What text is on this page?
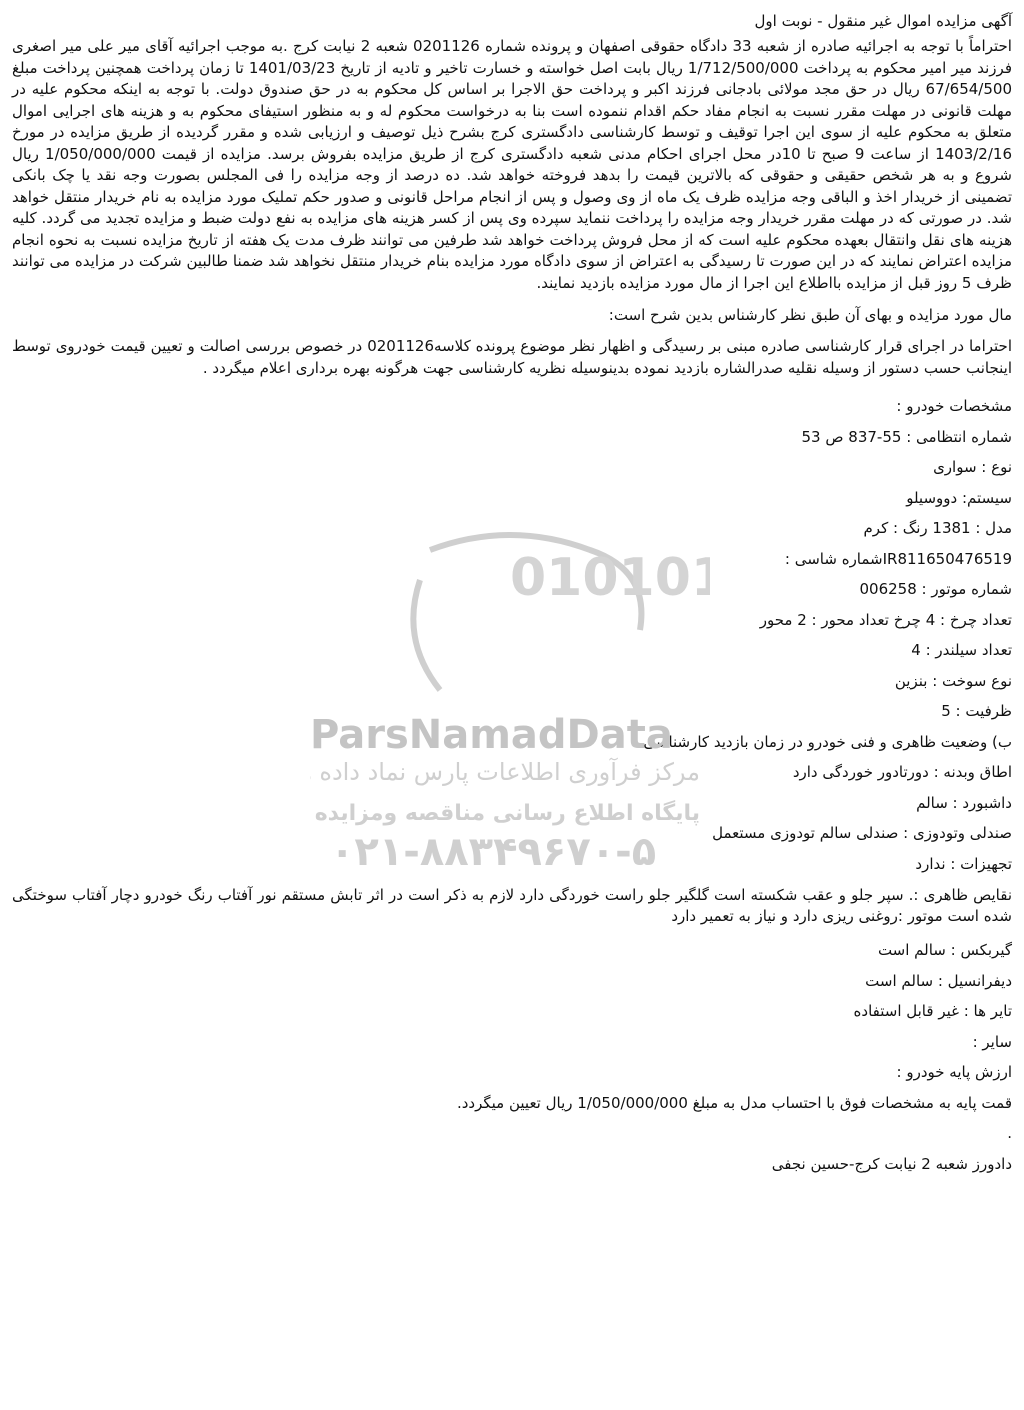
آگهی مزایده اموال غیر منقول - نوبت اول
احتراماً با توجه به اجرائیه صادره از شعبه 33 دادگاه حقوقی اصفهان و پرونده شماره 0201126 شعبه 2 نیابت کرج .به موجب اجرائیه آقای میر علی میر اصغری فرزند میر امیر محکوم به پرداخت 1/712/500/000 ریال بابت اصل خواسته و خسارت تاخیر و تادیه از تاریخ 1401/03/23 تا زمان پرداخت همچنین پرداخت مبلغ 67/654/500 ریال در حق مجد مولائی بادجانی فرزند اکبر و پرداخت حق الاجرا بر اساس کل محکوم به در حق صندوق دولت. با توجه به اینکه محکوم علیه در مهلت قانونی در مهلت مقرر نسبت به انجام مفاد حکم اقدام ننموده است بنا به درخواست محکوم له و به منظور استیفای محکوم به و هزینه های اجرایی اموال متعلق به محکوم علیه از سوی این اجرا توقیف و توسط کارشناسی دادگستری کرج بشرح ذیل توصیف و ارزیابی شده و مقرر گردیده از طریق مزایده در مورخ 1403/2/16 از ساعت 9 صبح تا 10در محل اجرای احکام مدنی شعبه دادگستری کرج از طریق مزایده بفروش برسد. مزایده از قیمت 1/050/000/000 ریال شروع و به هر شخص حقیقی و حقوقی که بالاترین قیمت را بدهد فروخته خواهد شد. ده درصد از وجه مزایده را فی المجلس بصورت وجه نقد یا چک بانکی تضمینی از خریدار اخذ و الباقی وجه مزایده ظرف یک ماه از وی وصول و پس از انجام مراحل قانونی و صدور حکم تملیک مورد مزایده به نام خریدار منتقل خواهد شد. در صورتی که در مهلت مقرر خریدار وجه مزایده را پرداخت ننماید سپرده وی پس از کسر هزینه های مزایده به نفع دولت ضبط و مزایده تجدید می گردد. کلیه هزینه های نقل وانتقال بعهده محکوم علیه است که از محل فروش پرداخت خواهد شد طرفین می توانند ظرف مدت یک هفته از تاریخ مزایده نسبت به نحوه انجام مزایده اعتراض نمایند که در این صورت تا رسیدگی به اعتراض از سوی دادگاه مورد مزایده بنام خریدار منتقل نخواهد شد ضمنا طالبین شرکت در مزایده می توانند ظرف 5 روز قبل از مزایده بااطلاع این اجرا از مال مورد مزایده بازدید نمایند.
مال مورد مزایده و بهای آن طبق نظر کارشناس بدین شرح است:
احتراما در اجرای قرار کارشناسی صادره مبنی بر رسیدگی و اظهار نظر موضوع پرونده کلاسه0201126 در خصوص بررسی اصالت و تعیین قیمت خودروی توسط اینجانب حسب دستور از وسیله نقلیه صدرالشاره بازدید نموده بدینوسیله نظریه کارشناسی جهت هرگونه بهره برداری اعلام میگردد .
مشخصات خودرو :
شماره انتظامی : 55-837 ص 53
نوع : سواری
سیستم: دووسیلو
مدل : 1381 رنگ : کرم
IR811650476519شماره شاسی :
شماره موتور : 006258
تعداد چرخ : 4 چرخ تعداد محور : 2 محور
تعداد سیلندر : 4
نوع سوخت : بنزین
ظرفیت : 5
ب) وضعیت ظاهری و فنی خودرو در زمان بازدید کارشناسی :
اطاق وبدنه : دورتادور خوردگی دارد
داشبورد : سالم
صندلی وتودوزی : صندلی سالم تودوزی مستعمل
تجهیزات : ندارد
نقایص ظاهری :. سپر جلو و عقب شکسته است گلگیر جلو راست خوردگی دارد لازم به ذکر است در اثر تابش مستقم نور آفتاب رنگ خودرو دچار آفتاب سوختگی شده است موتور :روغنی ریزی دارد و نیاز به تعمیر دارد
گیربکس : سالم است
دیفرانسیل : سالم است
تایر ها : غیر قابل استفاده
سایر :
ارزش پایه خودرو :
قمت پایه به مشخصات فوق با احتساب مدل به مبلغ 1/050/000/000 ریال تعیین میگردد.
.
دادورز شعبه 2 نیابت کرج-حسین نجفی
010101
ParsNamadData
مرکز فرآوری اطلاعات پارس نماد داده ها
پایگاه اطلاع رسانی مناقصه ومزایده
۰۲۱-۸۸۳۴۹۶۷۰-۵
